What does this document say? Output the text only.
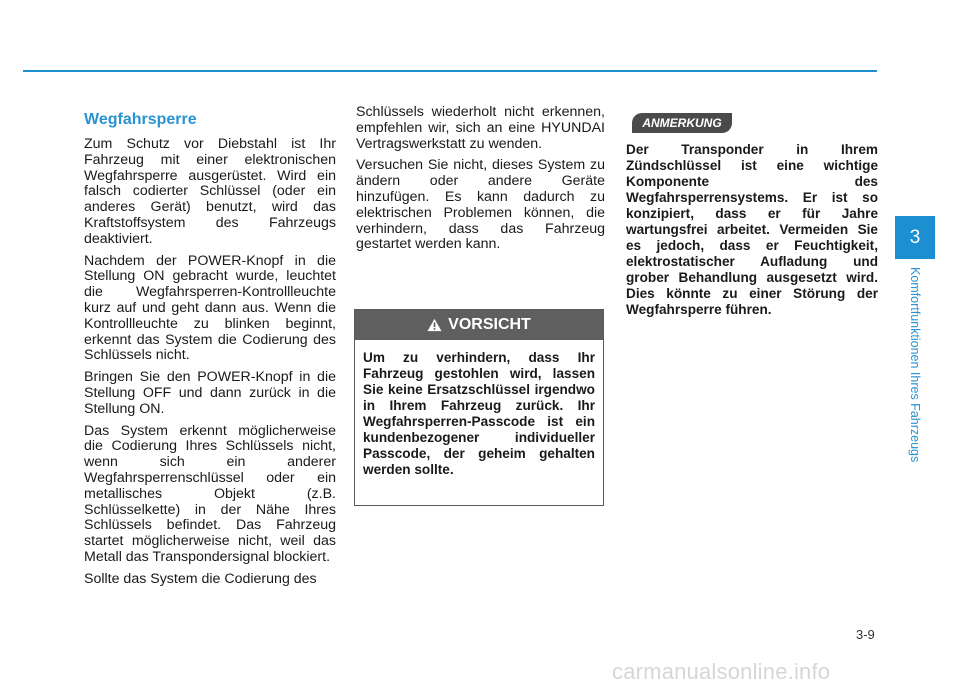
Wegfahrsperre

Zum Schutz vor Diebstahl ist Ihr Fahrzeug mit einer elektronischen Wegfahrsperre ausgerüstet. Wird ein falsch codierter Schlüssel (oder ein anderes Gerät) benutzt, wird das Kraftstoffsystem des Fahrzeugs deaktiviert.

Nachdem der POWER-Knopf in die Stellung ON gebracht wurde, leuchtet die Wegfahrsperren-Kontrollleuchte kurz auf und geht dann aus. Wenn die Kontrollleuchte zu blinken beginnt, erkennt das System die Codierung des Schlüssels nicht.

Bringen Sie den POWER-Knopf in die Stellung OFF und dann zurück in die Stellung ON.

Das System erkennt möglicherweise die Codierung Ihres Schlüssels nicht, wenn sich ein anderer Wegfahrsperrenschlüssel oder ein metallisches Objekt (z.B. Schlüsselkette) in der Nähe Ihres Schlüssels befindet. Das Fahrzeug startet möglicherweise nicht, weil das Metall das Transpondersignal blockiert.

Sollte das System die Codierung des

Schlüssels wiederholt nicht erkennen, empfehlen wir, sich an eine HYUNDAI Vertragswerkstatt zu wenden.

Versuchen Sie nicht, dieses System zu ändern oder andere Geräte hinzufügen. Es kann dadurch zu elektrischen Problemen können, die verhindern, dass das Fahrzeug gestartet werden kann.

VORSICHT
Um zu verhindern, dass Ihr Fahrzeug gestohlen wird, lassen Sie keine Ersatzschlüssel irgendwo in Ihrem Fahrzeug zurück. Ihr Wegfahrsperren-Passcode ist ein kundenbezogener individueller Passcode, der geheim gehalten werden sollte.
ANMERKUNG
Der Transponder in Ihrem Zündschlüssel ist eine wichtige Komponente des Wegfahrsperrensystems. Er ist so konzipiert, dass er für Jahre wartungsfrei arbeitet. Vermeiden Sie es jedoch, dass er Feuchtigkeit, elektrostatischer Aufladung und grober Behandlung ausgesetzt wird. Dies könnte zu einer Störung der Wegfahrsperre führen.
3
Komfortfunktionen Ihres Fahrzeugs
3-9
carmanualsonline.info
